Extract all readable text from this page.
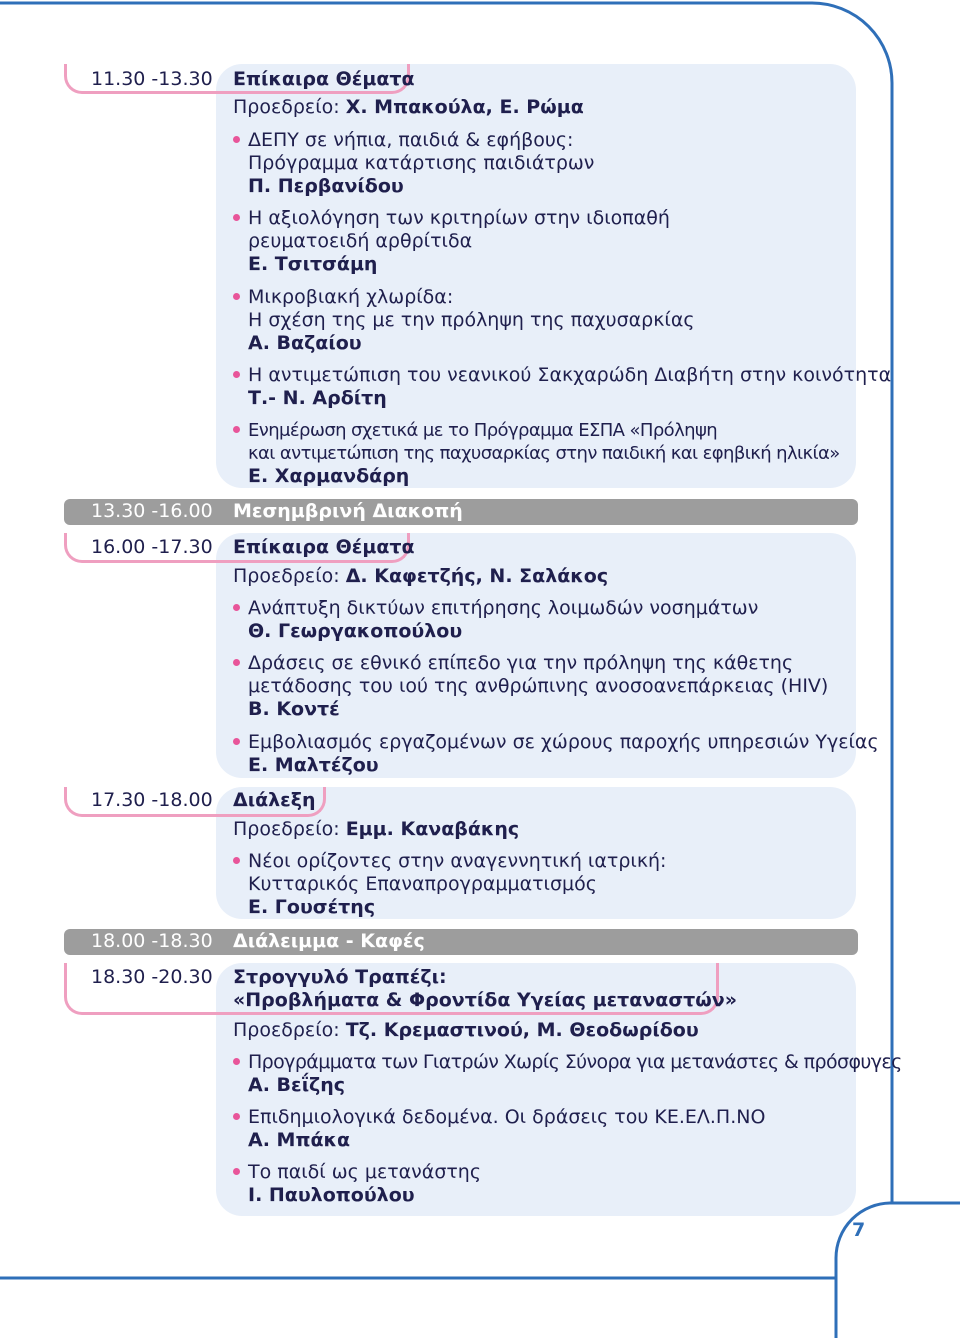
11.30 -13.30 Επίκαιρα Θέματα
Προεδρείο: Χ. Μπακούλα, Ε. Ρώμα
ΔΕΠΥ σε νήπια, παιδιά & εφήβους:
Πρόγραμμα κατάρτισης παιδιάτρων
Π. Περβανίδου
Η αξιολόγηση των κριτηρίων στην ιδιοπαθή
ρευματοειδή αρθρίτιδα
Ε. Τσιτσάμη
Μικροβιακή χλωρίδα:
Η σχέση της με την πρόληψη της παχυσαρκίας
Α. Βαζαίου
Η αντιμετώπιση του νεανικού Σακχαρώδη Διαβήτη στην κοινότητα
Τ.- Ν. Αρδίτη
Ενημέρωση σχετικά με το Πρόγραμμα ΕΣΠΑ «Πρόληψη
και αντιμετώπιση της παχυσαρκίας στην παιδική και εφηβική ηλικία»
Ε. Χαρμανδάρη
13.30 -16.00 Μεσημβρινή Διακοπή
16.00 -17.30 Επίκαιρα Θέματα
Προεδρείο: Δ. Καφετζής, Ν. Σαλάκος
Ανάπτυξη δικτύων επιτήρησης λοιμωδών νοσημάτων
Θ. Γεωργακοπούλου
Δράσεις σε εθνικό επίπεδο για την πρόληψη της κάθετης
μετάδοσης του ιού της ανθρώπινης ανοσοανεπάρκειας (HIV)
Β. Κοντέ
Εμβολιασμός εργαζομένων σε χώρους παροχής υπηρεσιών Υγείας
Ε. Μαλτέζου
17.30 -18.00 Διάλεξη
Προεδρείο: Εμμ. Καναβάκης
Νέοι ορίζοντες στην αναγεννητική ιατρική:
Κυτταρικός Επαναπρογραμματισμός
Ε. Γουσέτης
18.00 -18.30 Διάλειμμα - Καφές
18.30 -20.30 Στρογγυλό Τραπέζι:
«Προβλήματα & Φροντίδα Υγείας μεταναστών»
Προεδρείο: Τζ. Κρεμαστινού, Μ. Θεοδωρίδου
Προγράμματα των Γιατρών Χωρίς Σύνορα για μετανάστες & πρόσφυγες
Α. Βεΐζης
Επιδημιολογικά δεδομένα. Οι δράσεις του ΚΕ.ΕΛ.Π.ΝΟ
Α. Μπάκα
Το παιδί ως μετανάστης
Ι. Παυλοπούλου
7
